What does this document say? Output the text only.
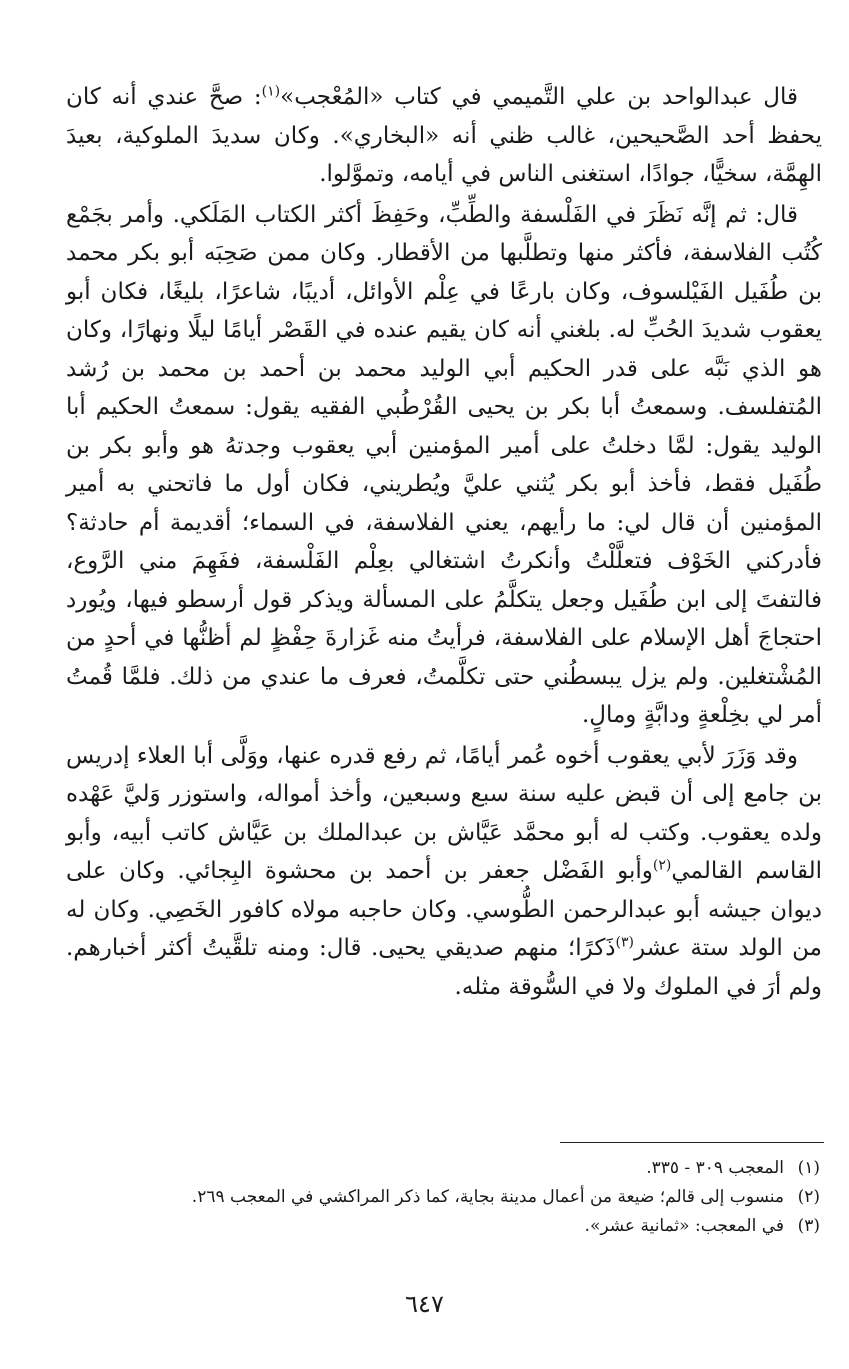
قال عبدالواحد بن علي التَّميمي في كتاب «المُعْجب»$^{(١)}$: صحَّ عندي أنه كان يحفظ أحد الصَّحيحين، غالب ظني أنه «البخاري». وكان سديدَ الملوكية، بعيدَ الهِمَّة، سخيًّا، جوادًا، استغنى الناس في أيامه، وتموَّلوا.

قال: ثم إنَّه نَظَرَ في الفَلْسفة والطِّبِّ، وحَفِظَ أكثر الكتاب المَلَكي. وأمر بجَمْع كُتُب الفلاسفة، فأكثر منها وتطلَّبها من الأقطار. وكان ممن صَحِبَه أبو بكر محمد بن طُفَيل الفَيْلسوف، وكان بارعًا في عِلْم الأوائل، أديبًا، شاعرًا، بليغًا، فكان أبو يعقوب شديدَ الحُبِّ له. بلغني أنه كان يقيم عنده في القَصْر أيامًا ليلًا ونهارًا، وكان هو الذي نَبَّه على قدر الحكيم أبي الوليد محمد بن أحمد بن محمد بن رُشد المُتفلسف. وسمعتُ أبا بكر بن يحيى القُرْطُبي الفقيه يقول: سمعتُ الحكيم أبا الوليد يقول: لمَّا دخلتُ على أمير المؤمنين أبي يعقوب وجدتهُ هو وأبو بكر بن طُفَيل فقط، فأخذ أبو بكر يُثني عليَّ ويُطريني، فكان أول ما فاتحني به أمير المؤمنين أن قال لي: ما رأيهم، يعني الفلاسفة، في السماء؛ أقديمة أم حادثة؟ فأدركني الخَوْف فتعلَّلْتُ وأنكرتُ اشتغالي بعِلْم الفَلْسفة، ففَهِمَ مني الرَّوع، فالتفتَ إلى ابن طُفَيل وجعل يتكلَّمُ على المسألة ويذكر قول أرسطو فيها، ويُورد احتجاجَ أهل الإسلام على الفلاسفة، فرأيتُ منه غَزارةَ حِفْظٍ لم أظنُّها في أحدٍ من المُشْتغلين. ولم يزل يبسطُني حتى تكلَّمتُ، فعرف ما عندي من ذلك. فلمَّا قُمتُ أمر لي بخِلْعةٍ ودابَّةٍ ومالٍ.

وقد وَزَرَ لأبي يعقوب أخوه عُمر أيامًا، ثم رفع قدره عنها، ووَلَّى أبا العلاء إدريس بن جامع إلى أن قبض عليه سنة سبع وسبعين، وأخذ أمواله، واستوزر وَليَّ عَهْده ولده يعقوب. وكتب له أبو محمَّد عَيَّاش بن عبدالملك بن عَيَّاش كاتب أبيه، وأبو القاسم القالمي$^{(٢)}$وأبو الفَضْل جعفر بن أحمد بن محشوة البِجائي. وكان على ديوان جيشه أبو عبدالرحمن الطُّوسي. وكان حاجبه مولاه كافور الخَصِي. وكان له من الولد ستة عشر$^{(٣)}$ذَكرًا؛ منهم صديقي يحيى. قال: ومنه تلقَّيتُ أكثر أخبارهم. ولم أرَ في الملوك ولا في السُّوقة مثله.

(١)
المعجب ٣٠٩ - ٣٣٥.
(٢)
منسوب إلى قالم؛ ضيعة من أعمال مدينة بجاية، كما ذكر المراكشي في المعجب ٢٦٩.
(٣)
في المعجب: «ثمانية عشر».
٦٤٧
